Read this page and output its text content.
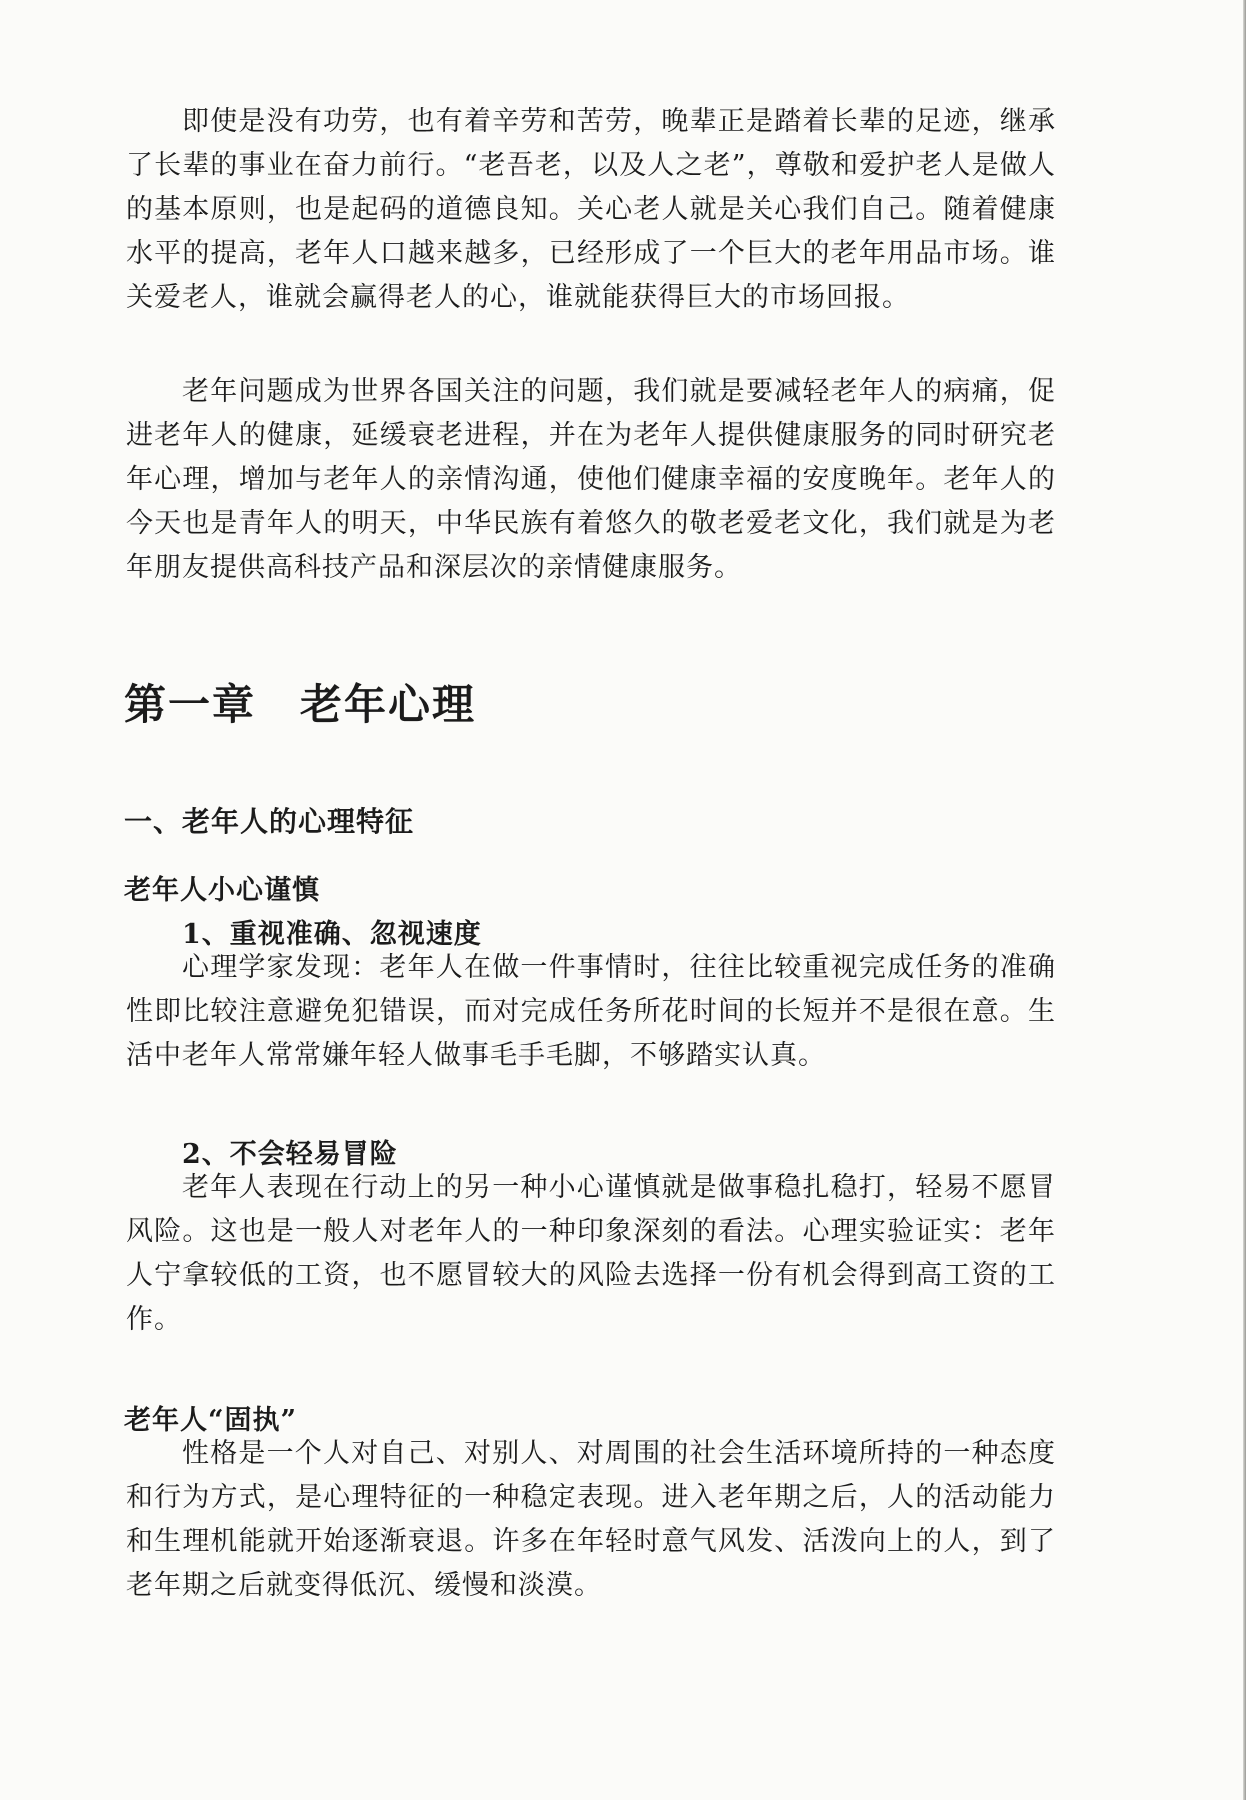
即使是没有功劳，也有着辛劳和苦劳，晚辈正是踏着长辈的足迹，继承了长辈的事业在奋力前行。“老吾老，以及人之老”，尊敬和爱护老人是做人的基本原则，也是起码的道德良知。关心老人就是关心我们自己。随着健康水平的提高，老年人口越来越多，已经形成了一个巨大的老年用品市场。谁关爱老人，谁就会赢得老人的心，谁就能获得巨大的市场回报。

老年问题成为世界各国关注的问题，我们就是要减轻老年人的病痛，促进老年人的健康，延缓衰老进程，并在为老年人提供健康服务的同时研究老年心理，增加与老年人的亲情沟通，使他们健康幸福的安度晚年。老年人的今天也是青年人的明天，中华民族有着悠久的敬老爱老文化，我们就是为老年朋友提供高科技产品和深层次的亲情健康服务。

第一章 老年心理
一、老年人的心理特征
老年人小心谨慎
1、重视准确、忽视速度

心理学家发现：老年人在做一件事情时，往往比较重视完成任务的准确性即比较注意避免犯错误，而对完成任务所花时间的长短并不是很在意。生活中老年人常常嫌年轻人做事毛手毛脚，不够踏实认真。

2、不会轻易冒险

老年人表现在行动上的另一种小心谨慎就是做事稳扎稳打，轻易不愿冒风险。这也是一般人对老年人的一种印象深刻的看法。心理实验证实：老年人宁拿较低的工资，也不愿冒较大的风险去选择一份有机会得到高工资的工作。

老年人“固执”

性格是一个人对自己、对别人、对周围的社会生活环境所持的一种态度和行为方式，是心理特征的一种稳定表现。进入老年期之后，人的活动能力和生理机能就开始逐渐衰退。许多在年轻时意气风发、活泼向上的人，到了老年期之后就变得低沉、缓慢和淡漠。
